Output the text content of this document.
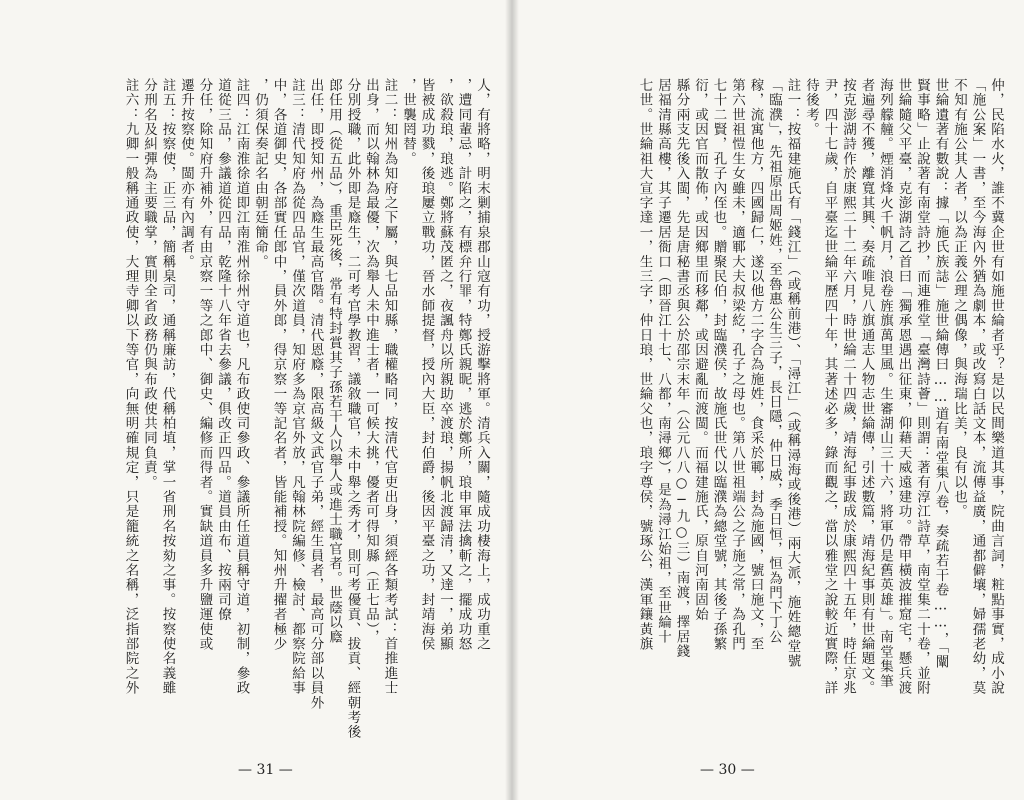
人，有將略，明末剿捕泉郡山寇有功，授游擊將軍。清兵入關，隨成功棲海上，成功重之
，遭同輩忌，計陷之，有標弁行罪，特鄭氏親昵，逃於鄭所，琅申軍法擒斬之，擺成功怒
，欲殺琅，琅逃。鄭將蘇茂匿之，夜諷舟以所親助卒渡琅，揚帆北渡歸清，又達一，弟顯
皆被成功戮，後琅屢立戰功，晉水師提督，授內大臣，封伯爵，後因平臺之功，封靖海侯
，世襲罔替。
註二：知州為知府之下屬，與七品知縣，職權略同，按清代官吏出身，須經各類考試：首推進士
出身，而以翰林為最優，次為舉人未中進士者，一可候大挑，優者可得知縣（正七品），
分別授職，此外即是廕生，二可考官學教習，議敘職官，未中舉之秀才，則可考優貢、拔貢、經朝考後
郎任用（從五品），重臣死後，常有特封賞其子孫若干人以舉人或進士職官者。世蔭以廕
出任，即授知州，為廕生最高官階。清代恩廕，限高級文武官子弟，經生員者，最高可分部以員外
註三：清代知府為從四品官，僅次道員，知府多為京官外放，凡翰林院編修、檢討、都察院給事
中，各道御史，各部實任郎中，員外郎，得京察一等記名者，皆能補授。知州升擢者極少
，仍須保奏記名由朝廷簡命。
註四：江南淮徐道即江南淮州徐州守道也，凡布政使司參政、參議所任道員稱守道，初制，參政
道從三品，參議道從四品，乾隆十八年省去參議，俱改正四品。道員由布、按兩司僚
分任，除知府升補外，有由京察一等之郎中、御史、編修而得者。實缺道員多升鹽運使或
遷升按察使。閩亦有內調者。
註五：按察使，正三品，簡稱臬司，通稱廉訪，代稱柏埴，掌一省刑名按劾之事。按察使名義雖
分刑名及糾彈為主要職掌，實則全省政務仍與布政使共同負責。
註六：九卿一般稱通政使，大理寺卿以下等官，向無明確規定，只是籠統之名稱，泛指部院之外
— 31 —
仲，民陷水火，誰不冀企世有如施世綸者乎？是以民間樂道其事，院曲言詞，粧點事實，成小說
「施公案」一書，至今海內外猶為劇本，或改寫白話文本，流傳益廣，通都僻壤，婦孺老幼，莫
不知有施公其人者，以為正義公理之偶像，與海瑞比美，良有以也。
世綸遺著有數說：據「施氏族誌」施世綸傳曰……道有南堂集八卷，奏疏若干卷……，「闡
賢事略」止說著有南堂詩抄，而連雅堂「臺灣詩薈」則謂：著有淳江詩草，南堂集二十卷，並附
世綸隨父平臺，克澎湖詩乙首曰「獨承恩遇出征東，仰藉天威遠建功。帶甲橫波摧窟宅，懸兵渡
海列艨艟。煙消烽火千帆月，浪卷旌旗萬里風。生審湖山三十六，將軍仍是舊英雄」。南堂集筆
者遍尋不獲，離寬其興、奏疏唯見八旗通志人物志世綸傳，引述數篇，靖海紀事則有世綸題文。
按克澎湖詩作於康熙二十二年六月，時世綸二十四歲，靖海紀事跋成於康熙四十五年，時任京兆
尹，四十七歲，自平臺迄世綸平歷四十年，其著述必多，錄而觀之，當以雅堂之說較近實際，詳
待後考。
註一：按福建施氏有「錢江」（或稱前港）、「潯江」（或稱潯海或後港）兩大派，施姓總堂號
「臨濮」，先祖原出周姬姓，至魯惠公生三子，長日隱，仲日威，季日恒，恒為門下丁公
稼，流寓他方，四國歸仁，遂以他方二字合為施姓，食采於鄆，封為施國，號曰施文，至
第六世祖愷生女雖未，適鄆大夫叔梁紇，孔子之母也。第八世祖端公之子施之常，為孔門
七十二賢，孔子內侄也。贈聚民伯，封臨濮侯，故施氏世代以臨濮為總堂號，其後子孫繁
衍，或因官而散佈，或因鄉里而移鄰，或因避亂而渡閩。而福建施氏，原自河南固始
縣分兩支先後入閩，先是唐秘書丞與公於邵宗末年（公元八八○─九○三）南渡，擇居錢
居福清縣高樓，其子遷居衙口（即晉江十七、八都，南潯鄉），是為潯江始祖，至世綸十
七世。世綸祖大宣字達一，生三字，仲日琅，世綸父也，琅字尊侯，號琢公，漢軍鑲黃旗
— 30 —
